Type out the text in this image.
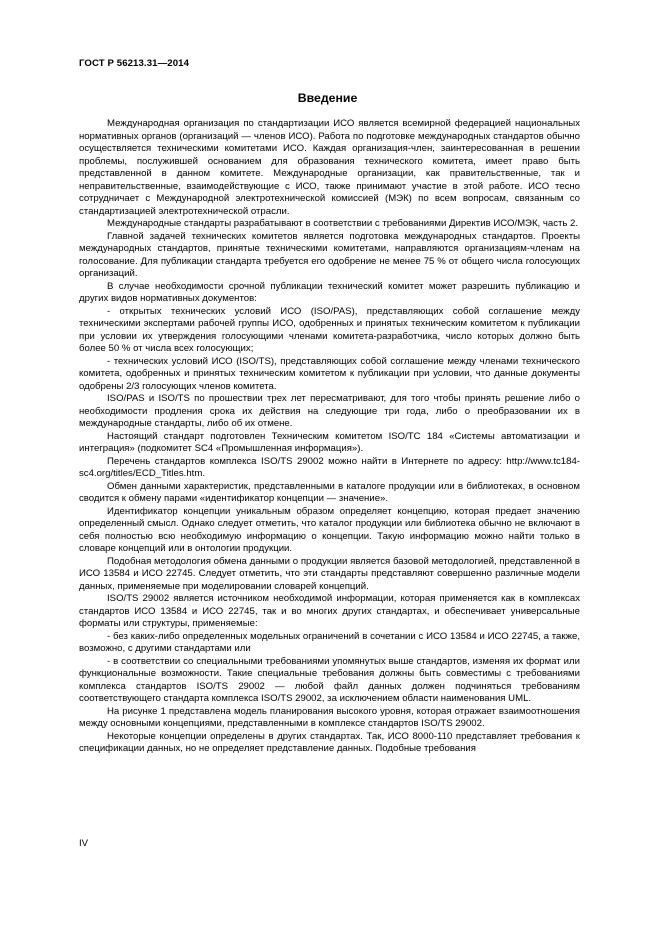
ГОСТ Р 56213.31—2014
Введение

Международная организация по стандартизации ИСО является всемирной федерацией национальных нормативных органов (организаций — членов ИСО). Работа по подготовке международных стандартов обычно осуществляется техническими комитетами ИСО. Каждая организация-член, заинтересованная в решении проблемы, послужившей основанием для образования технического комитета, имеет право быть представленной в данном комитете. Международные организации, как правительственные, так и неправительственные, взаимодействующие с ИСО, также принимают участие в этой работе. ИСО тесно сотрудничает с Международной электротехнической комиссией (МЭК) по всем вопросам, связанным со стандартизацией электротехнической отрасли.

Международные стандарты разрабатывают в соответствии с требованиями Директив ИСО/МЭК, часть 2.

Главной задачей технических комитетов является подготовка международных стандартов. Проекты международных стандартов, принятые техническими комитетами, направляются организациям-членам на голосование. Для публикации стандарта требуется его одобрение не менее 75 % от общего числа голосующих организаций.

В случае необходимости срочной публикации технический комитет может разрешить публикацию и других видов нормативных документов:

- открытых технических условий ИСО (ISO/PAS), представляющих собой соглашение между техническими экспертами рабочей группы ИСО, одобренных и принятых техническим комитетом к публикации при условии их утверждения голосующими членами комитета-разработчика, число которых должно быть более 50 % от числа всех голосующих;

- технических условий ИСО (ISO/TS), представляющих собой соглашение между членами технического комитета, одобренных и принятых техническим комитетом к публикации при условии, что данные документы одобрены 2/3 голосующих членов комитета.

ISO/PAS и ISO/TS по прошествии трех лет пересматривают, для того чтобы принять решение либо о необходимости продления срока их действия на следующие три года, либо о преобразовании их в международные стандарты, либо об их отмене.

Настоящий стандарт подготовлен Техническим комитетом ISO/TC 184 «Системы автоматизации и интеграция» (подкомитет SC4 «Промышленная информация»).

Перечень стандартов комплекса ISO/TS 29002 можно найти в Интернете по адресу: http://www.tc184-sc4.org/titles/ECD_Titles.htm.

Обмен данными характеристик, представленными в каталоге продукции или в библиотеках, в основном сводится к обмену парами «идентификатор концепции — значение».

Идентификатор концепции уникальным образом определяет концепцию, которая предает значению определенный смысл. Однако следует отметить, что каталог продукции или библиотека обычно не включают в себя полностью всю необходимую информацию о концепции. Такую информацию можно найти только в словаре концепций или в онтологии продукции.

Подобная методология обмена данными о продукции является базовой методологией, представленной в ИСО 13584 и ИСО 22745. Следует отметить, что эти стандарты представляют совершенно различные модели данных, применяемые при моделировании словарей концепций.

ISO/TS 29002 является источником необходимой информации, которая применяется как в комплексах стандартов ИСО 13584 и ИСО 22745, так и во многих других стандартах, и обеспечивает универсальные форматы или структуры, применяемые:

- без каких-либо определенных модельных ограничений в сочетании с ИСО 13584 и ИСО 22745, а также, возможно, с другими стандартами или

- в соответствии со специальными требованиями упомянутых выше стандартов, изменяя их формат или функциональные возможности. Такие специальные требования должны быть совместимы с требованиями комплекса стандартов ISO/TS 29002 — любой файл данных должен подчиняться требованиям соответствующего стандарта комплекса ISO/TS 29002, за исключением области наименования UML.

На рисунке 1 представлена модель планирования высокого уровня, которая отражает взаимоотношения между основными концепциями, представленными в комплексе стандартов ISO/TS 29002.

Некоторые концепции определены в других стандартах. Так, ИСО 8000-110 представляет требования к спецификации данных, но не определяет представление данных. Подобные требования

IV
